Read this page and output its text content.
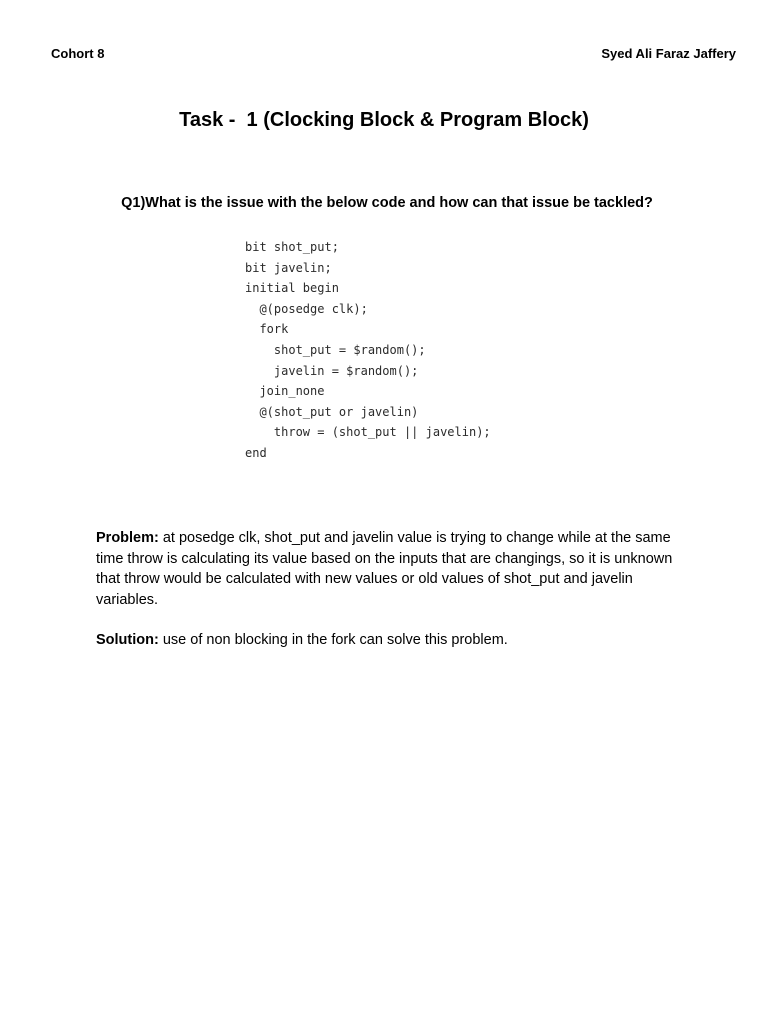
Cohort 8	Syed Ali Faraz Jaffery
Task -  1 (Clocking Block & Program Block)
Q1)What is the issue with the below code and how can that issue be tackled?
bit shot_put;
bit javelin;
initial begin
@(posedge clk);
fork
shot_put = $random();
javelin = $random();
join_none
@(shot_put or javelin)
throw = (shot_put || javelin);
end
Problem: at posedge clk, shot_put and javelin value is trying to change while at the same time throw is calculating its value based on the inputs that are changings, so it is unknown that throw would be calculated with new values or old values of shot_put and javelin variables.
Solution: use of non blocking in the fork can solve this problem.
